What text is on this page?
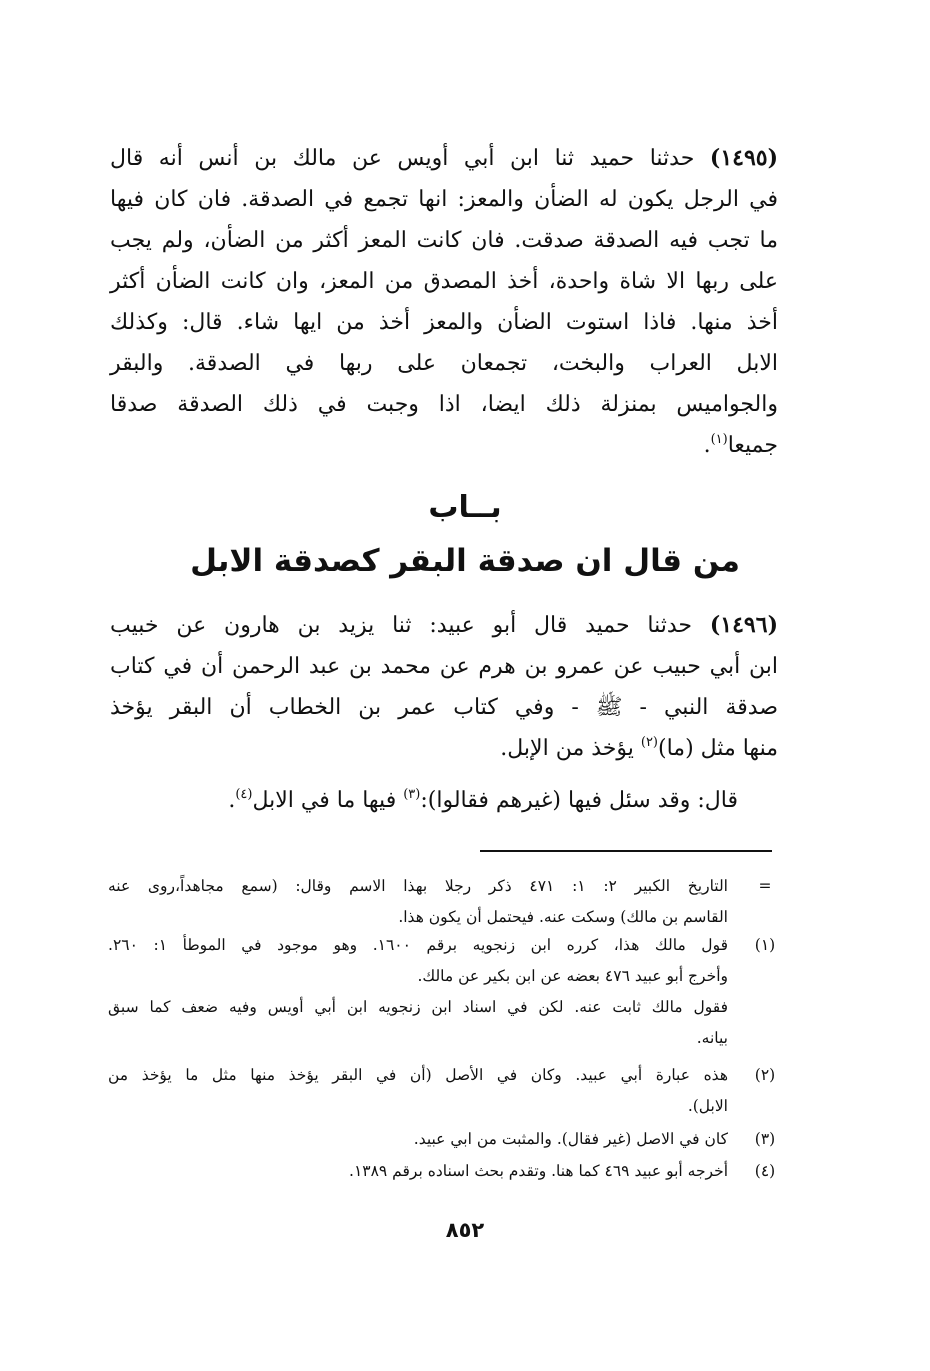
(١٤٩٥) حدثنا حميد ثنا ابن أبي أويس عن مالك بن أنس أنه قال
في الرجل يكون له الضأن والمعز: انها تجمع في الصدقة. فان كان فيها
ما تجب فيه الصدقة صدقت. فان كانت المعز أكثر من الضأن، ولم يجب
على ربها الا شاة واحدة، أخذ المصدق من المعز، وان كانت الضأن أكثر
أخذ منها. فاذا استوت الضأن والمعز أخذ من ايها شاء. قال: وكذلك
الابل العراب والبخت، تجمعان على ربها في الصدقة. والبقر
والجواميس بمنزلة ذلك ايضا، اذا وجبت في ذلك الصدقة صدقا
جميعا$^{(١)}$.
بــاب
من قال ان صدقة البقر كصدقة الابل
(١٤٩٦) حدثنا حميد قال أبو عبيد: ثنا يزيد بن هارون عن خبيب
ابن أبي حبيب عن عمرو بن هرم عن محمد بن عبد الرحمن أن في كتاب
صدقة النبي - ﷺ - وفي كتاب عمر بن الخطاب أن البقر يؤخذ
منها مثل (ما)$^{(٢)}$ يؤخذ من الإبل.
قال: وقد سئل فيها (غيرهم فقالوا):$^{(٣)}$ فيها ما في الابل$^{(٤)}$.
=
التاريخ الكبير ٢: ١: ٤٧١ ذكر رجلا بهذا الاسم وقال: (سمع مجاهداً،روى عنه
القاسم بن مالك) وسكت عنه. فيحتمل أن يكون هذا.
(١)
قول مالك هذا، كرره ابن زنجويه برقم ١٦٠٠. وهو موجود في الموطأ ١: ٢٦٠.
وأخرج أبو عبيد ٤٧٦ بعضه عن ابن بكير عن مالك.
فقول مالك ثابت عنه. لكن في اسناد ابن زنجويه ابن أبي أويس وفيه ضعف كما سبق
بيانه.
(٢)
هذه عبارة أبي عبيد. وكان في الأصل (أن في البقر يؤخذ منها مثل ما يؤخذ من
الابل).
(٣)
كان في الاصل (غير فقال). والمثبت من ابي عبيد.
(٤)
أخرجه أبو عبيد ٤٦٩ كما هنا. وتقدم بحث اسناده برقم ١٣٨٩.
٨٥٢
